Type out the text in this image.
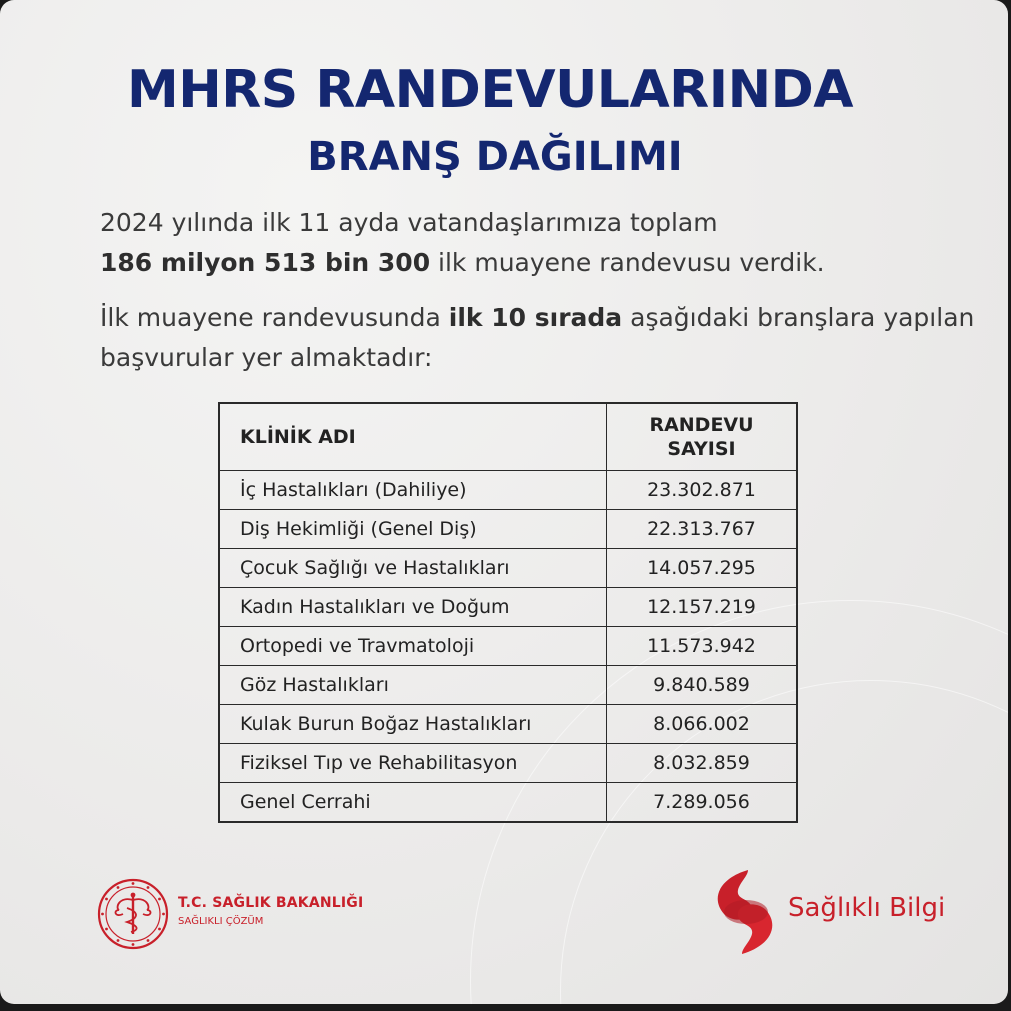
MHRS RANDEVULARINDA
BRANŞ DAĞILIMI
2024 yılında ilk 11 ayda vatandaşlarımıza toplam
186 milyon 513 bin 300 ilk muayene randevusu verdik.
İlk muayene randevusunda ilk 10 sırada aşağıdaki branşlara yapılan başvurular yer almaktadır:
KLİNİK ADI	RANDEVU
SAYISI
İç Hastalıkları (Dahiliye)	23.302.871
Diş Hekimliği (Genel Diş)	22.313.767
Çocuk Sağlığı ve Hastalıkları	14.057.295
Kadın Hastalıkları ve Doğum	12.157.219
Ortopedi ve Travmatoloji	11.573.942
Göz Hastalıkları	9.840.589
Kulak Burun Boğaz Hastalıkları	8.066.002
Fiziksel Tıp ve Rehabilitasyon	8.032.859
Genel Cerrahi	7.289.056
T.C. SAĞLIK BAKANLIĞI
SAĞLIKLI ÇÖZÜM	Sağlıklı Bilgi
